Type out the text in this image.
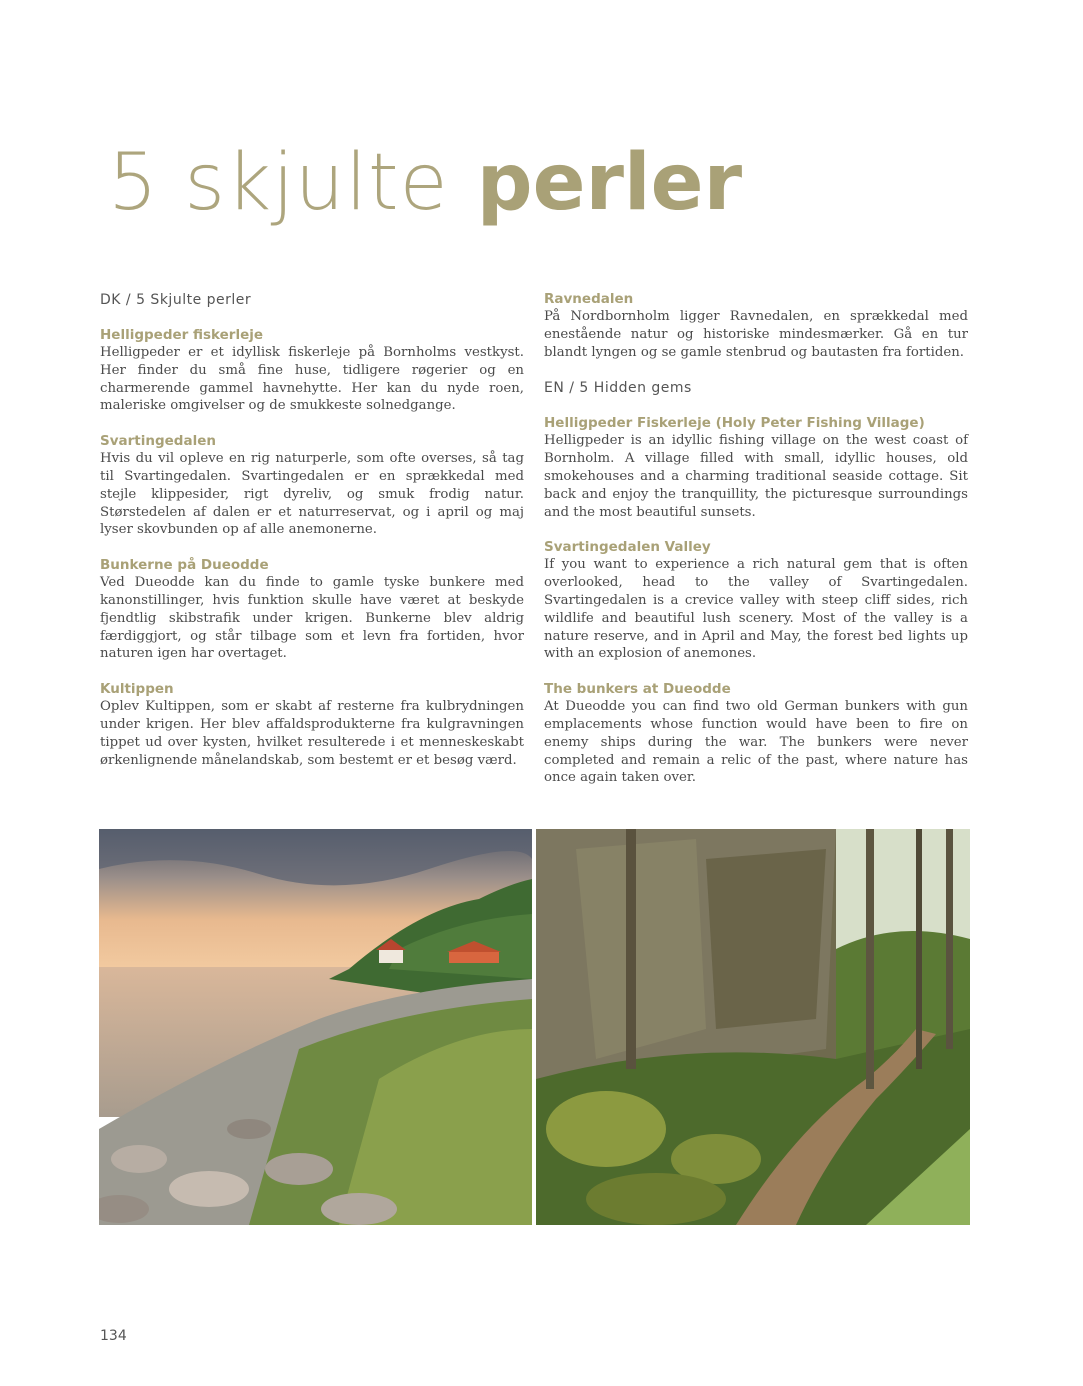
5 skjulte perler
DK / 5 Skjulte perler
Helligpeder fiskerleje

Helligpeder er et idyllisk fiskerleje på Bornholms vestkyst. Her finder du små fine huse, tidligere røgerier og en charmerende gammel havnehytte. Her kan du nyde roen, maleriske omgivelser og de smukkeste solnedgange.

Svartingedalen

Hvis du vil opleve en rig naturperle, som ofte overses, så tag til Svartingedalen. Svartingedalen er en sprækkedal med stejle klippesider, rigt dyreliv, og smuk frodig natur. Størstedelen af dalen er et naturreservat, og i april og maj lyser skovbunden op af alle anemonerne.

Bunkerne på Dueodde

Ved Dueodde kan du finde to gamle tyske bunkere med kanonstillinger, hvis funktion skulle have været at beskyde fjendtlig skibstrafik under krigen. Bunkerne blev aldrig færdiggjort, og står tilbage som et levn fra fortiden, hvor naturen igen har overtaget.

Kultippen

Oplev Kultippen, som er skabt af resterne fra kulbrydningen under krigen. Her blev affaldsprodukterne fra kulgravningen tippet ud over kysten, hvilket resulterede i et menneskeskabt ørkenlignende månelandskab, som bestemt er et besøg værd.

Ravnedalen

På Nordbornholm ligger Ravnedalen, en sprækkedal med enestående natur og historiske mindesmærker. Gå en tur blandt lyngen og se gamle stenbrud og bautasten fra fortiden.

EN / 5 Hidden gems
Helligpeder Fiskerleje (Holy Peter Fishing Village)

Helligpeder is an idyllic fishing village on the west coast of Bornholm. A village filled with small, idyllic houses, old smokehouses and a charming traditional seaside cottage. Sit back and enjoy the tranquillity, the picturesque surroundings and the most beautiful sunsets.

Svartingedalen Valley

If you want to experience a rich natural gem that is often overlooked, head to the valley of Svartingedalen. Svartingedalen is a crevice valley with steep cliff sides, rich wildlife and beautiful lush scenery. Most of the valley is a nature reserve, and in April and May, the forest bed lights up with an explosion of anemones.

The bunkers at Dueodde

At Dueodde you can find two old German bunkers with gun emplacements whose function would have been to fire on enemy ships during the war. The bunkers were never completed and remain a relic of the past, where nature has once again taken over.

134
